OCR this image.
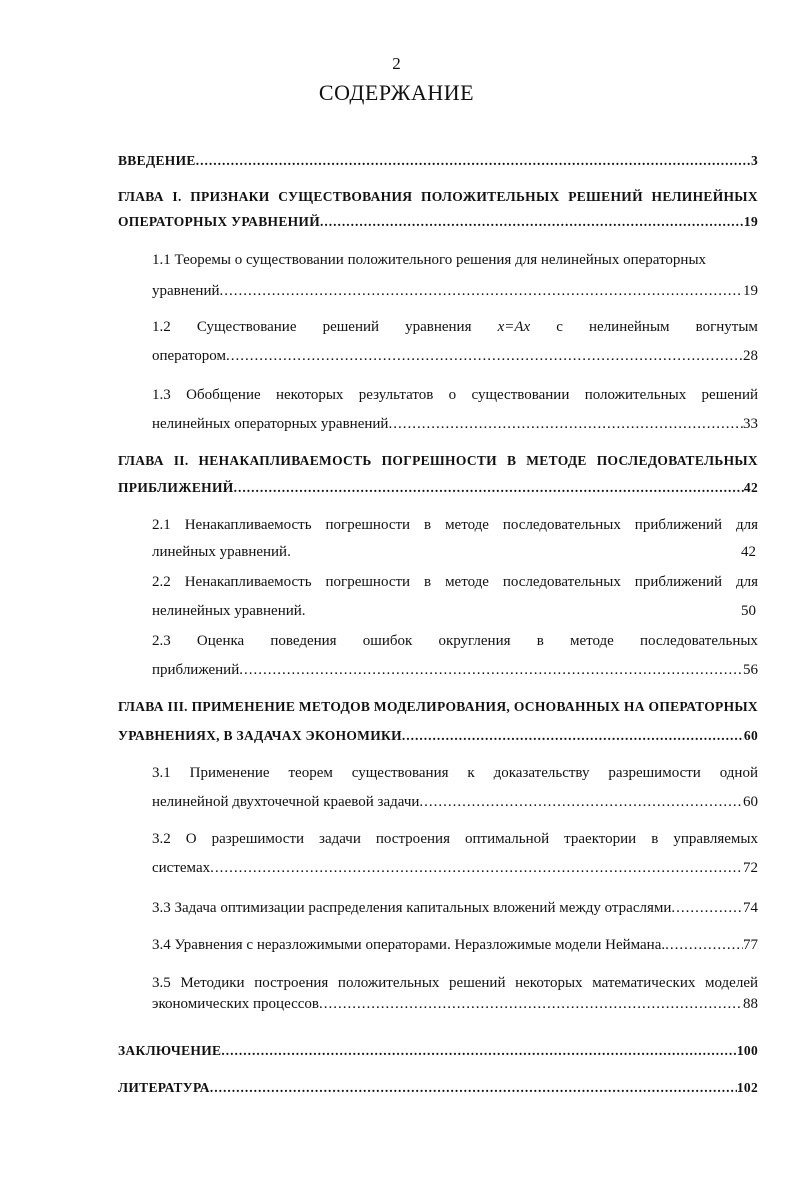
2
СОДЕРЖАНИЕ
ВВЕДЕНИЕ .....	3
ГЛАВА I. ПРИЗНАКИ СУЩЕСТВОВАНИЯ ПОЛОЖИТЕЛЬНЫХ РЕШЕНИЙ НЕЛИНЕЙНЫХ
ОПЕРАТОРНЫХ УРАВНЕНИЙ .....	19
1.1 Теоремы о существовании положительного решения для нелинейных операторных
уравнений .....	19
1.2 Существование решений уравнения x=Ax с нелинейным вогнутым
оператором .....	28
1.3 Обобщение некоторых результатов о существовании положительных решений
нелинейных операторных уравнений .....	33
ГЛАВА II. НЕНАКАПЛИВАЕМОСТЬ ПОГРЕШНОСТИ В МЕТОДЕ ПОСЛЕДОВАТЕЛЬНЫХ
ПРИБЛИЖЕНИЙ .....	42
2.1 Ненакапливаемость погрешности в методе последовательных приближений для
линейных уравнений.	42
2.2 Ненакапливаемость погрешности в методе последовательных приближений для
нелинейных уравнений.	50
2.3 Оценка поведения ошибок округления в методе последовательных
приближений .....	56
ГЛАВА III. ПРИМЕНЕНИЕ МЕТОДОВ МОДЕЛИРОВАНИЯ, ОСНОВАННЫХ НА ОПЕРАТОРНЫХ
УРАВНЕНИЯХ, В ЗАДАЧАХ ЭКОНОМИКИ .....	60
3.1 Применение теорем существования к доказательству разрешимости одной
нелинейной двухточечной краевой задачи .....	60
3.2 О разрешимости задачи построения оптимальной траектории в управляемых
системах .....	72
3.3 Задача оптимизации распределения капитальных вложений между отраслями .....	74
3.4 Уравнения с неразложимыми операторами. Неразложимые модели Неймана. .....	77
3.5 Методики построения положительных решений некоторых математических моделей
экономических процессов .....	88
ЗАКЛЮЧЕНИЕ .....	100
ЛИТЕРАТУРА .....	102
